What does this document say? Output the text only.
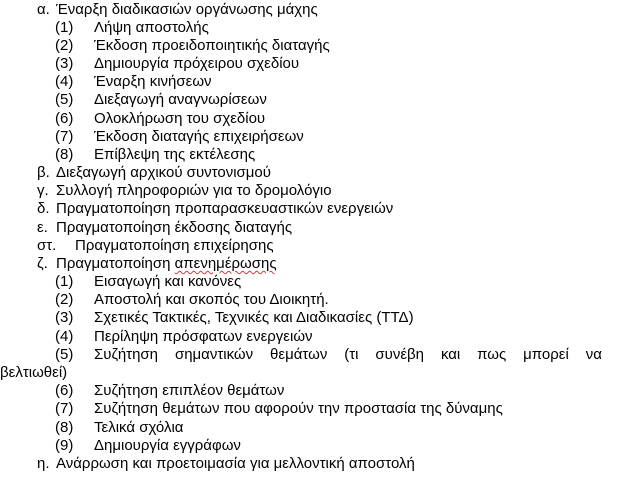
α. Έναρξη διαδικασιών οργάνωσης μάχης
(1) Λήψη αποστολής
(2) Έκδοση προειδοποιητικής διαταγής
(3) Δημιουργία πρόχειρου σχεδίου
(4) Έναρξη κινήσεων
(5) Διεξαγωγή αναγνωρίσεων
(6) Ολοκλήρωση του σχεδίου
(7) Έκδοση διαταγής επιχειρήσεων
(8) Επίβλεψη της εκτέλεσης
β. Διεξαγωγή αρχικού συντονισμού
γ. Συλλογή πληροφοριών για το δρομολόγιο
δ. Πραγματοποίηση προπαρασκευαστικών ενεργειών
ε. Πραγματοποίηση έκδοσης διαταγής
στ. Πραγματοποίηση επιχείρησης
ζ. Πραγματοποίηση απενημέρωσης
(1) Εισαγωγή και κανόνες
(2) Αποστολή και σκοπός του Διοικητή.
(3) Σχετικές Τακτικές, Τεχνικές και Διαδικασίες (ΤΤΔ)
(4) Περίληψη πρόσφατων ενεργειών
(5) Συζήτηση σημαντικών θεμάτων (τι συνέβη και πως μπορεί να
βελτιωθεί)
(6) Συζήτηση επιπλέον θεμάτων
(7) Συζήτηση θεμάτων που αφορούν την προστασία της δύναμης
(8) Τελικά σχόλια
(9) Δημιουργία εγγράφων
η. Ανάρρωση και προετοιμασία για μελλοντική αποστολή
